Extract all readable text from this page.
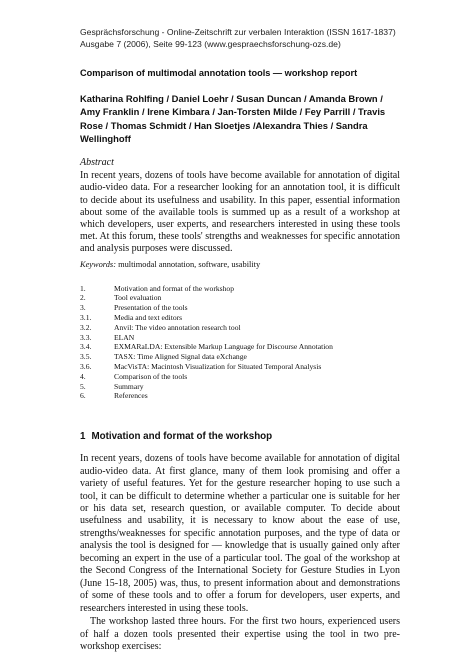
Gesprächsforschung - Online-Zeitschrift zur verbalen Interaktion (ISSN 1617-1837)
Ausgabe 7 (2006), Seite 99-123 (www.gespraechsforschung-ozs.de)
Comparison of multimodal annotation tools — workshop report
Katharina Rohlfing / Daniel Loehr / Susan Duncan / Amanda Brown / Amy Franklin / Irene Kimbara / Jan-Torsten Milde / Fey Parrill / Travis Rose / Thomas Schmidt / Han Sloetjes /Alexandra Thies / Sandra Wellinghoff
Abstract
In recent years, dozens of tools have become available for annotation of digital audio-video data. For a researcher looking for an annotation tool, it is difficult to decide about its usefulness and usability. In this paper, essential information about some of the available tools is summed up as a result of a workshop at which developers, user experts, and researchers interested in using these tools met. At this forum, these tools' strengths and weaknesses for specific annotation and analysis purposes were discussed.
Keywords: multimodal annotation, software, usability
1.	Motivation and format of the workshop
2.	Tool evaluation
3.	Presentation of the tools
3.1.	Media and text editors
3.2.	Anvil: The video annotation research tool
3.3.	ELAN
3.4.	EXMARaLDA: Extensible Markup Language for Discourse Annotation
3.5.	TASX: Time Aligned Signal data eXchange
3.6.	MacVisTA: Macintosh Visualization for Situated Temporal Analysis
4.	Comparison of the tools
5.	Summary
6.	References
1 Motivation and format of the workshop
In recent years, dozens of tools have become available for annotation of digital audio-video data. At first glance, many of them look promising and offer a variety of useful features. Yet for the gesture researcher hoping to use such a tool, it can be difficult to determine whether a particular one is suitable for her or his data set, research question, or available computer. To decide about usefulness and usability, it is necessary to know about the ease of use, strengths/weaknesses for specific annotation purposes, and the type of data or analysis the tool is designed for — knowledge that is usually gained only after becoming an expert in the use of a particular tool. The goal of the workshop at the Second Congress of the International Society for Gesture Studies in Lyon (June 15-18, 2005) was, thus, to present information about and demonstrations of some of these tools and to offer a forum for developers, user experts, and researchers interested in using these tools.
The workshop lasted three hours. For the first two hours, experienced users of half a dozen tools presented their expertise using the tool in two pre-workshop exercises:
